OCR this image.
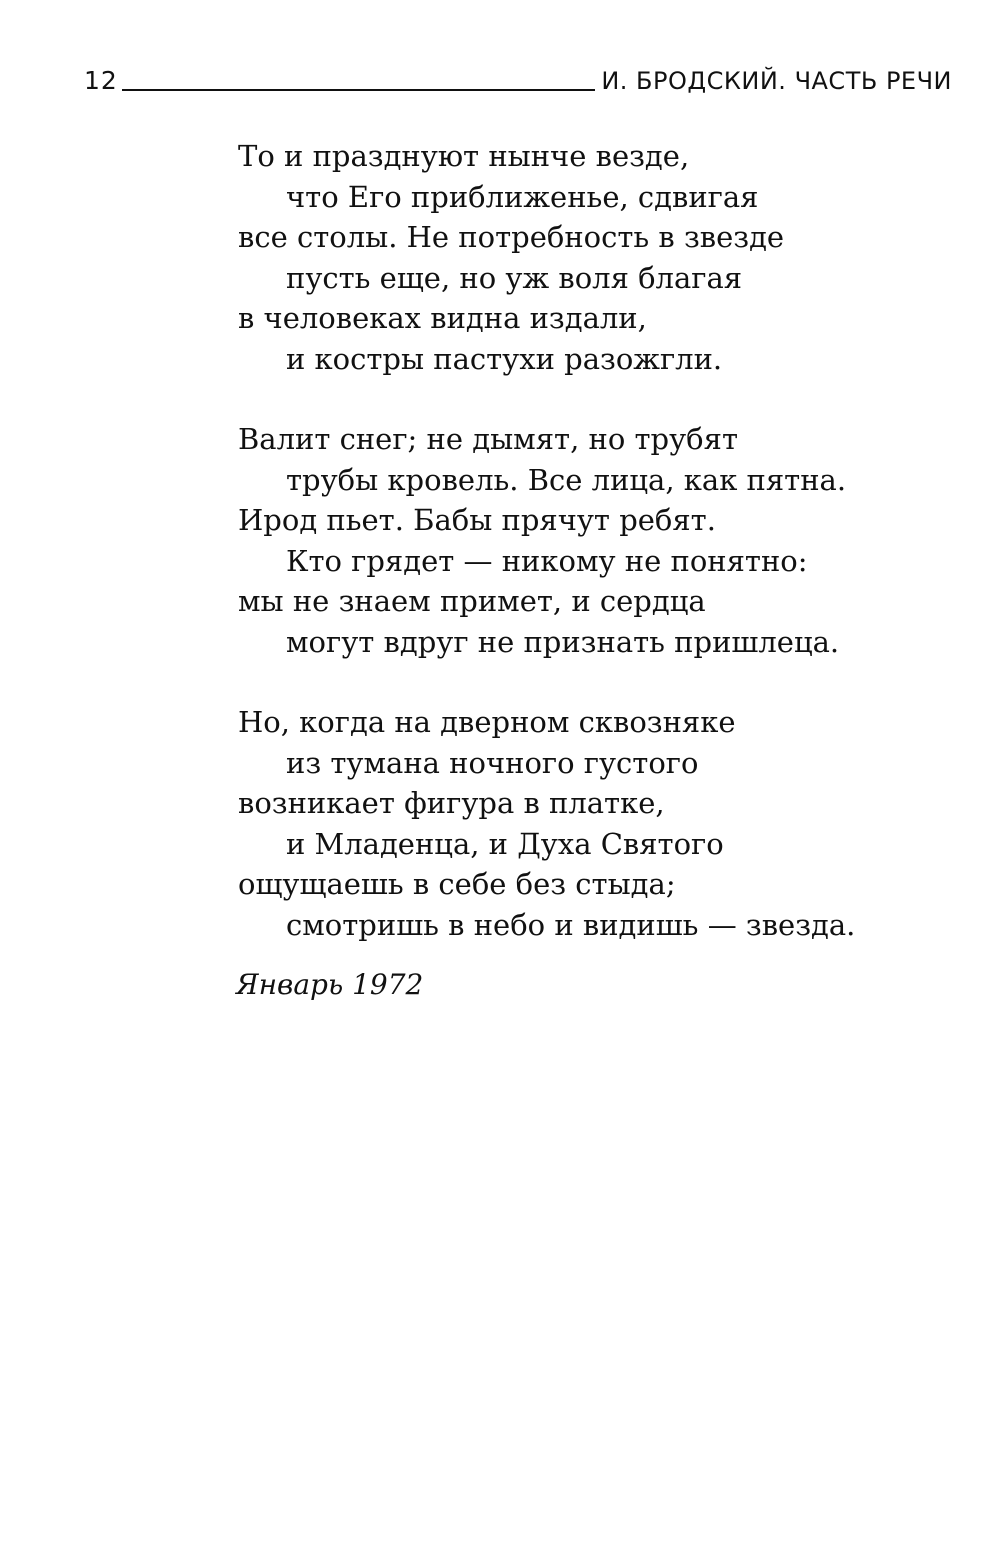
12	И. БРОДСКИЙ. ЧАСТЬ РЕЧИ
То и празднуют нынче везде,
что Его приближенье, сдвигая
все столы. Не потребность в звезде
пусть еще, но уж воля благая
в человеках видна издали,
и костры пастухи разожгли.
Валит снег; не дымят, но трубят
трубы кровель. Все лица, как пятна.
Ирод пьет. Бабы прячут ребят.
Кто грядет — никому не понятно:
мы не знаем примет, и сердца
могут вдруг не признать пришлеца.
Но, когда на дверном сквозняке
из тумана ночного густого
возникает фигура в платке,
и Младенца, и Духа Святого
ощущаешь в себе без стыда;
смотришь в небо и видишь — звезда.
Январь 1972
